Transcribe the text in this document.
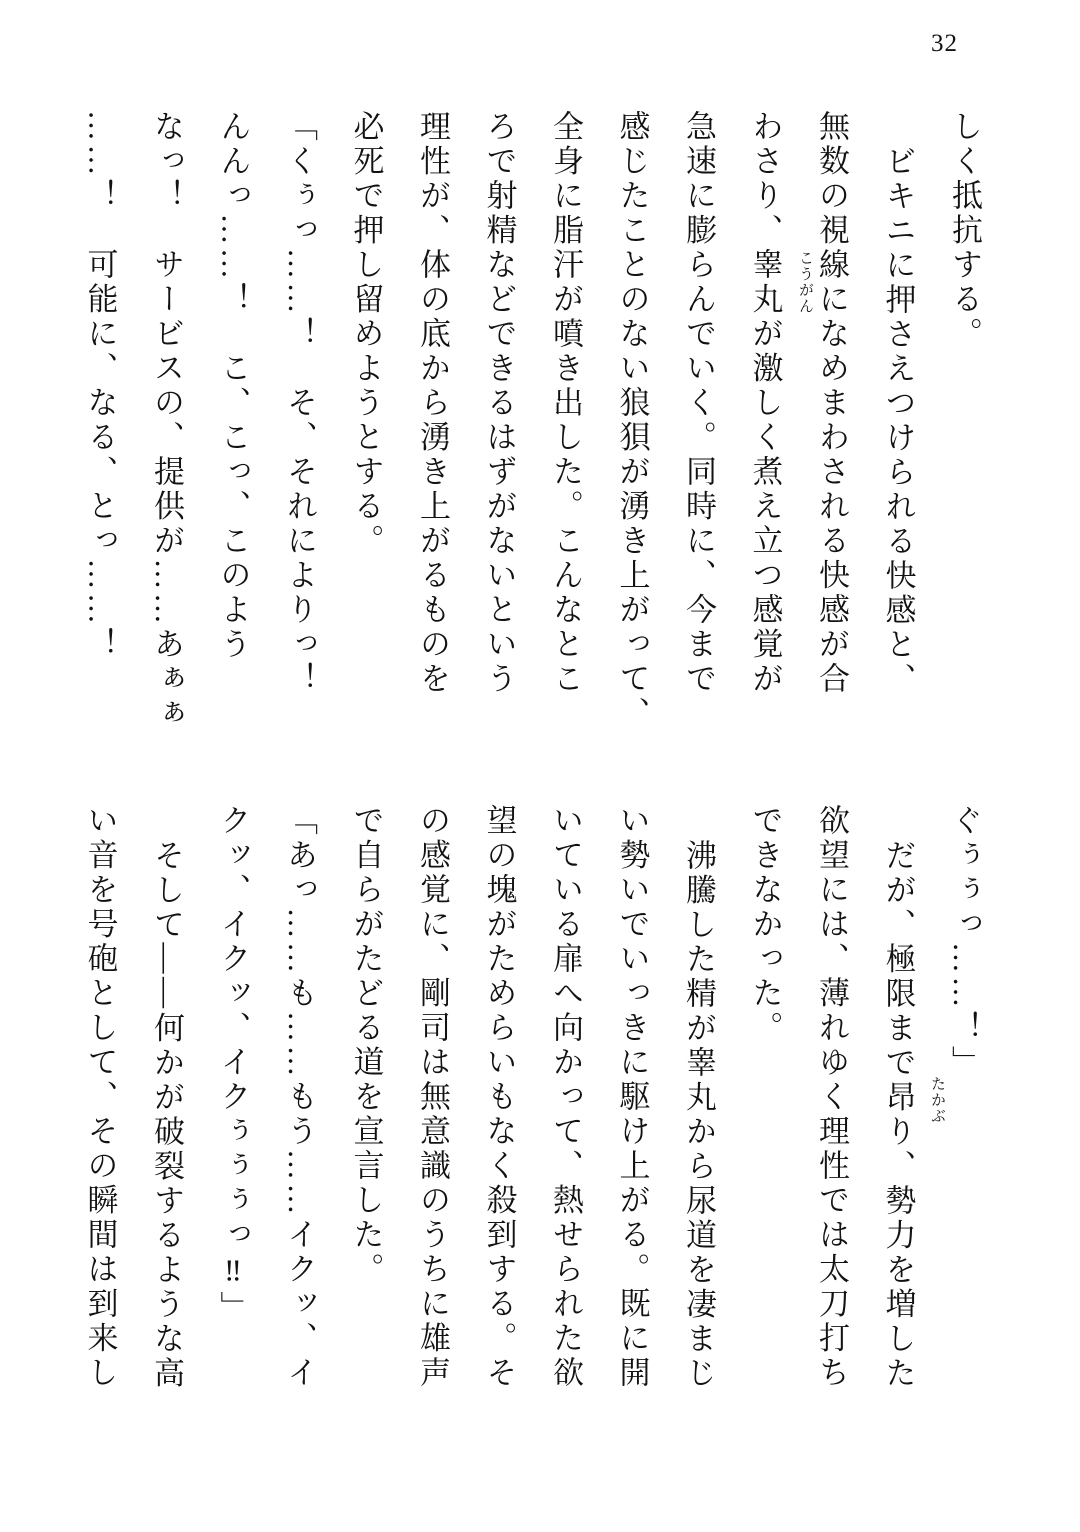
32

しく抵抗する。

ビキニに押さえつけられる快感と、

無数の視線になめまわされる快感が合

わさり、睾丸が激しく煮え立つ感覚が

急速に膨らんでいく。同時に、今まで

感じたことのない狼狽が湧き上がって、

全身に脂汗が噴き出した。こんなとこ

ろで射精などできるはずがないという

理性が、体の底から湧き上がるものを

必死で押し留めようとする。

「くぅっ……！　そ、それによりっ！

んんっ……！　こ、こっ、このよう

なっ！　サービスの、提供が……あぁぁ

……！　可能に、なる、とっ……！

ぐぅぅっ……！」

だが、極限まで昂り、勢力を増した

欲望には、薄れゆく理性では太刀打ち

できなかった。

沸騰した精が睾丸から尿道を凄まじ

い勢いでいっきに駆け上がる。既に開

いている扉へ向かって、熱せられた欲

望の塊がためらいもなく殺到する。そ

の感覚に、剛司は無意識のうちに雄声

で自らがたどる道を宣言した。

「あっ……も……もう……イクッ、イ

クッ、イクッ、イクぅぅぅっ‼」

そして——何かが破裂するような高

い音を号砲として、その瞬間は到来し

こうがん
たかぶ
